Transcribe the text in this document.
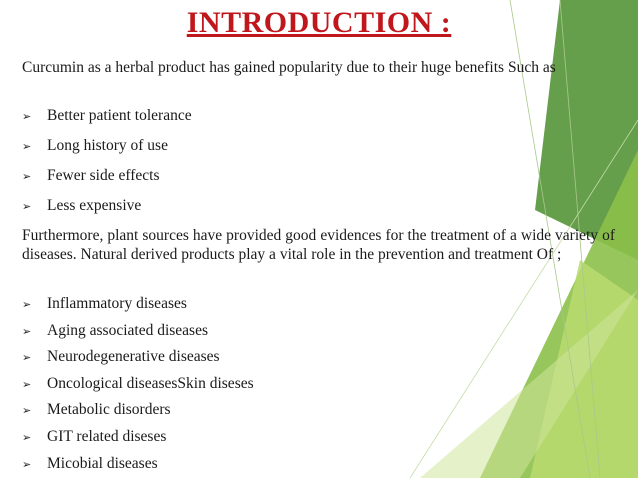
INTRODUCTION :
Curcumin as a herbal product has gained popularity due to their huge benefits Such as
➢ Better patient tolerance
➢ Long history of use
➢ Fewer side effects
➢ Less expensive
Furthermore, plant sources have provided good evidences for the treatment of a wide variety of diseases. Natural derived products play a vital role in the prevention and treatment Of ;
➢ Inflammatory diseases
➢ Aging associated diseases
➢ Neurodegenerative diseases
➢ Oncological diseasesSkin diseses
➢ Metabolic disorders
➢ GIT related diseses
➢ Micobial diseases
